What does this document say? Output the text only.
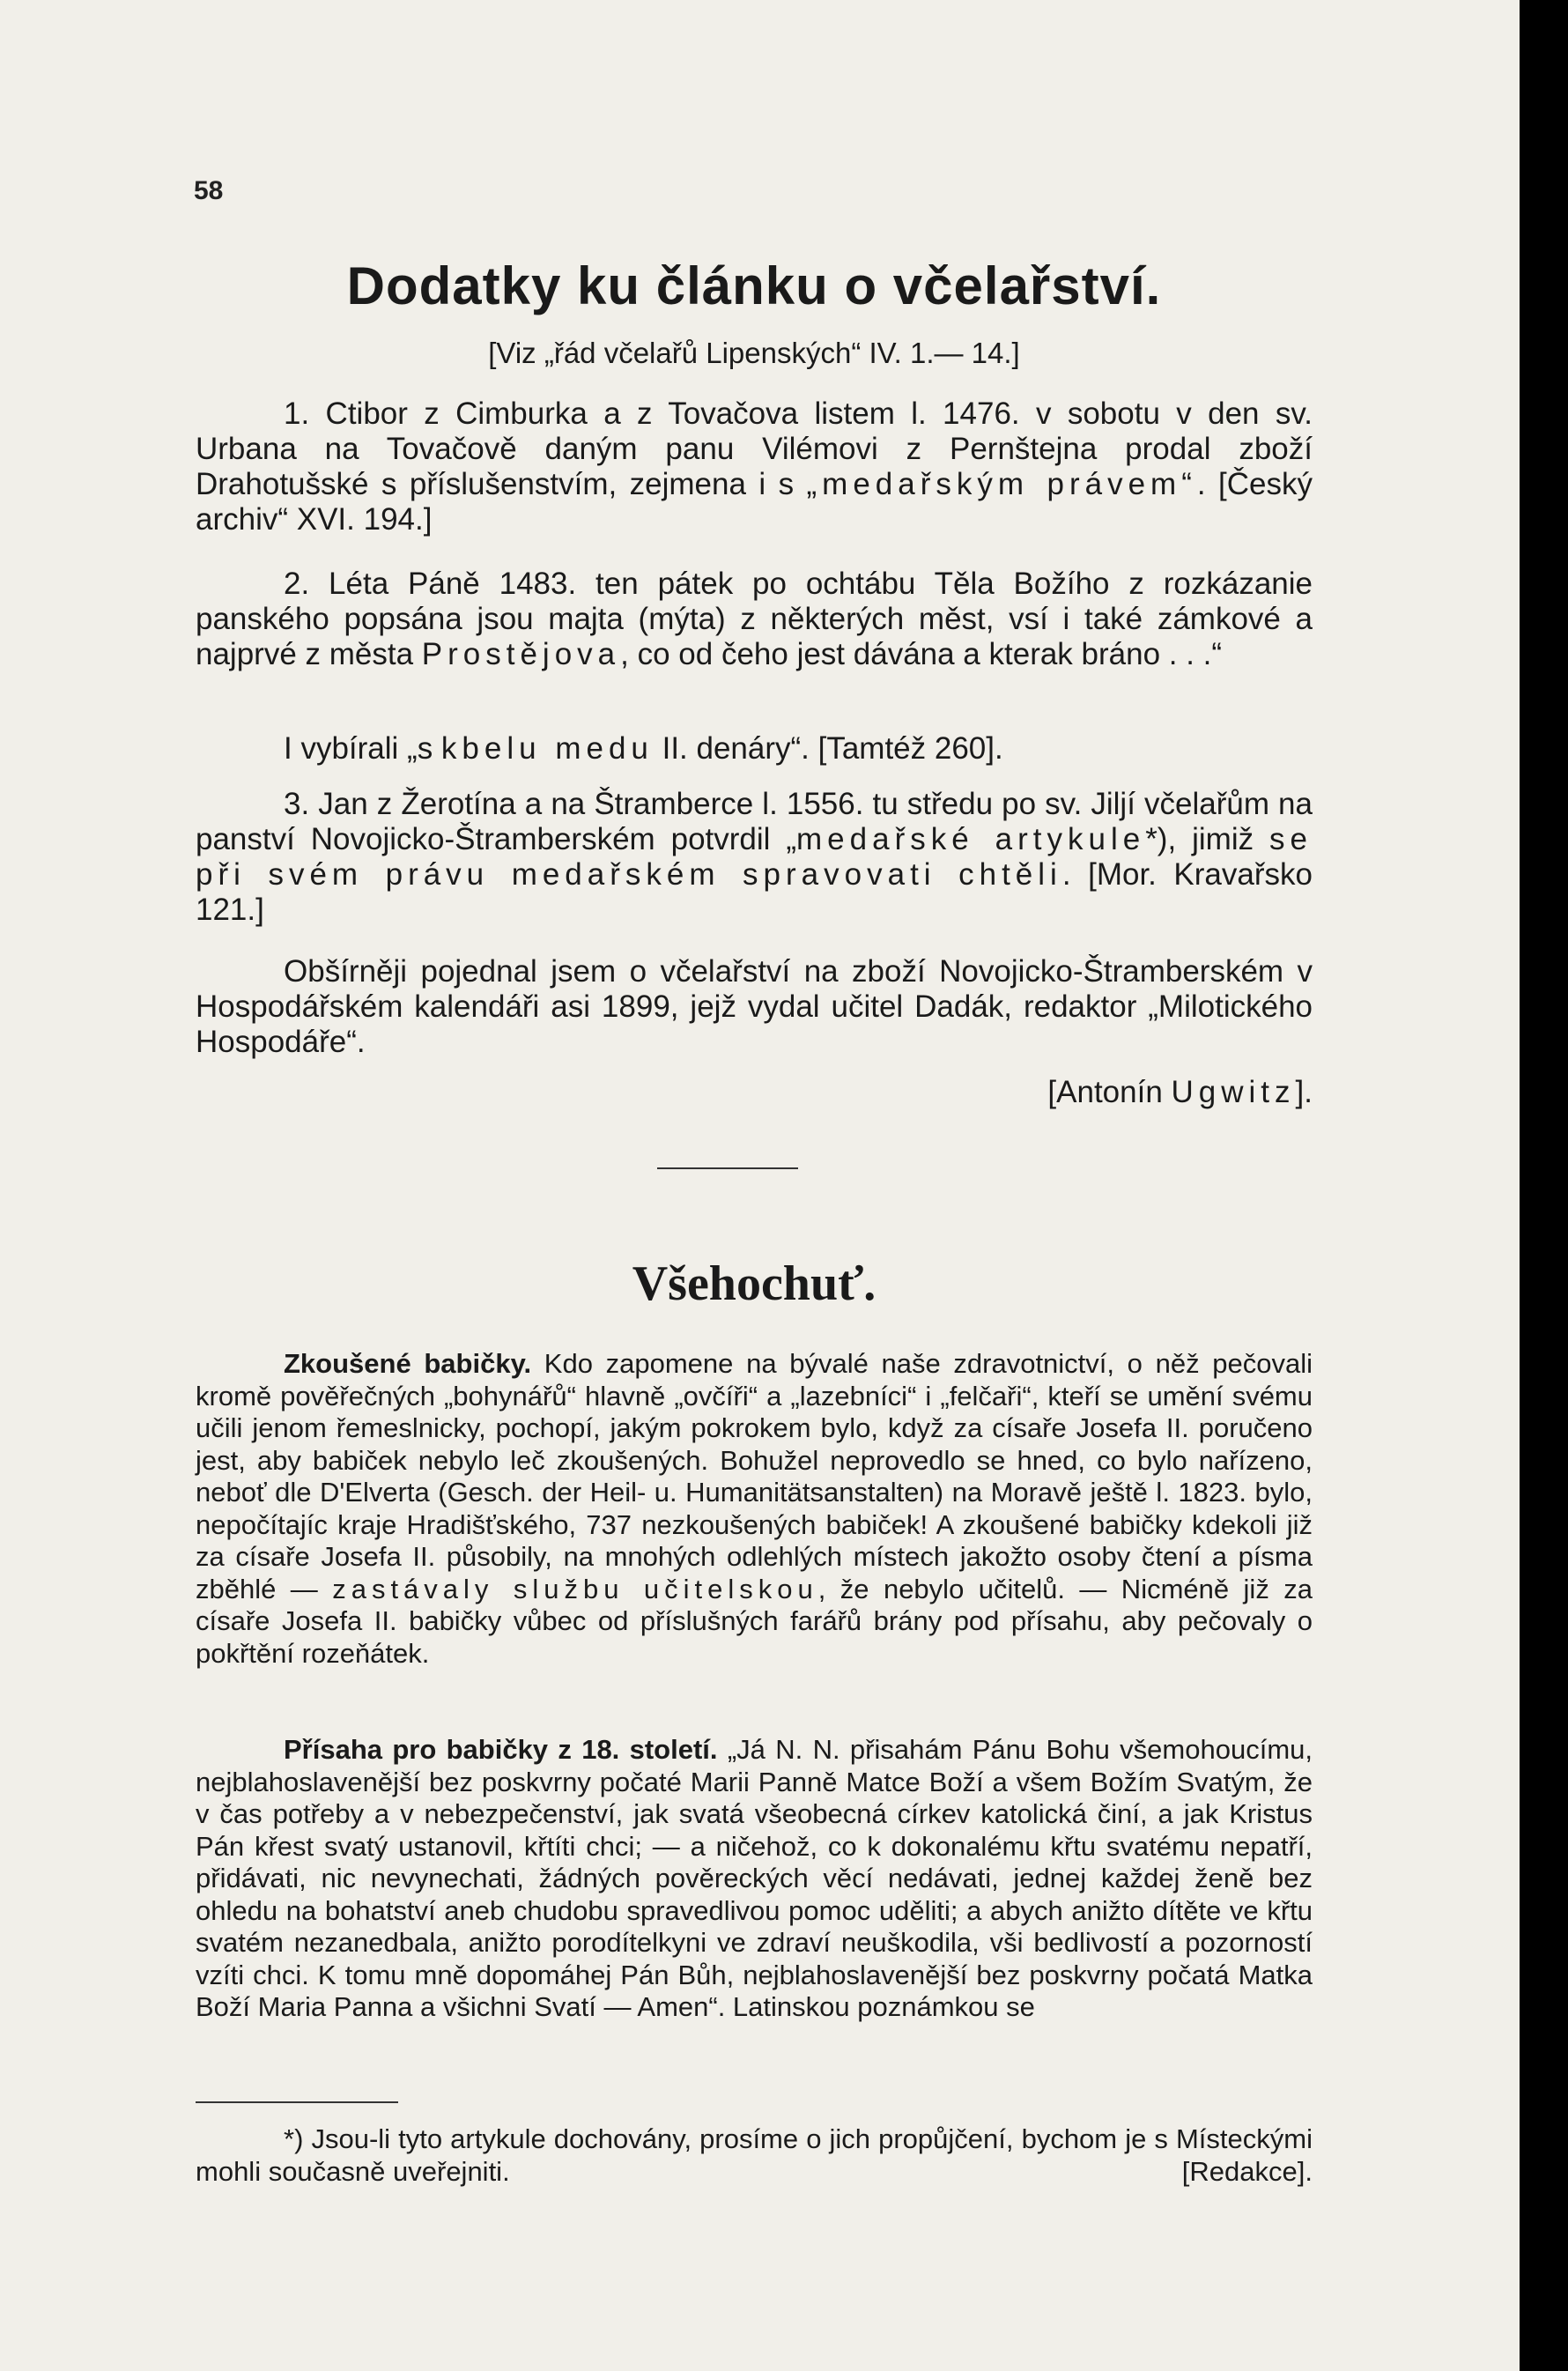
58
Dodatky ku článku o včelařství.
[Viz „řád včelařů Lipenských“ IV. 1.— 14.]
1. Ctibor z Cimburka a z Tovačova listem l. 1476. v sobotu v den sv. Urbana na Tovačově daným panu Vilémovi z Pernštejna prodal zboží Drahotušské s příslušenstvím, zejmena i s „medařským právem“. [Český archiv“ XVI. 194.]
2. Léta Páně 1483. ten pátek po ochtábu Těla Božího z rozkázanie panského popsána jsou majta (mýta) z některých měst, vsí i také zámkové a najprvé z města Prostějova, co od čeho jest dávána a kterak bráno . . .“
I vybírali „s kbelu medu II. denáry“. [Tamtéž 260].
3. Jan z Žerotína a na Štramberce l. 1556. tu středu po sv. Jiljí včelařům na panství Novojicko-Štramberském potvrdil „medařské artykule*), jimiž se při svém právu medařském spravovati chtěli. [Mor. Kravařsko 121.]
Obšírněji pojednal jsem o včelařství na zboží Novojicko-Štramberském v Hospodářském kalendáři asi 1899, jejž vydal učitel Dadák, redaktor „Milotického Hospodáře“.
[Antonín Ugwitz].
Všehochuť.
Zkoušené babičky. Kdo zapomene na bývalé naše zdravotnictví, o něž pečovali kromě pověřečných „bohynářů“ hlavně „ovčíři“ a „lazebníci“ i „felčaři“, kteří se umění svému učili jenom řemeslnicky, pochopí, jakým pokrokem bylo, když za císaře Josefa II. poručeno jest, aby babiček nebylo leč zkoušených. Bohužel neprovedlo se hned, co bylo nařízeno, neboť dle D'Elverta (Gesch. der Heil- u. Humanitätsanstalten) na Moravě ještě l. 1823. bylo, nepočítajíc kraje Hradišťského, 737 nezkoušených babiček! A zkoušené babičky kdekoli již za císaře Josefa II. působily, na mnohých odlehlých místech jakožto osoby čtení a písma zběhlé — zastávaly službu učitelskou, že nebylo učitelů. — Nicméně již za císaře Josefa II. babičky vůbec od příslušných farářů brány pod přísahu, aby pečovaly o pokřtění rozeňátek.
Přísaha pro babičky z 18. století. „Já N. N. přisahám Pánu Bohu všemohoucímu, nejblahoslavenější bez poskvrny počaté Marii Panně Matce Boží a všem Božím Svatým, že v čas potřeby a v nebezpečenství, jak svatá všeobecná církev katolická činí, a jak Kristus Pán křest svatý ustanovil, křtíti chci; — a ničehož, co k dokonalému křtu svatému nepatří, přidávati, nic nevynechati, žádných pověreckých věcí nedávati, jednej každej ženě bez ohledu na bohatství aneb chudobu spravedlivou pomoc uděliti; a abych anižto dítěte ve křtu svatém nezanedbala, anižto porodítelkyni ve zdraví neuškodila, vši bedlivostí a pozorností vzíti chci. K tomu mně dopomáhej Pán Bůh, nejblahoslavenější bez poskvrny počatá Matka Boží Maria Panna a všichni Svatí — Amen“. Latinskou poznámkou se
*) Jsou-li tyto artykule dochovány, prosíme o jich propůjčení, bychom je s Místeckými mohli současně uveřejniti.	[Redakce].
